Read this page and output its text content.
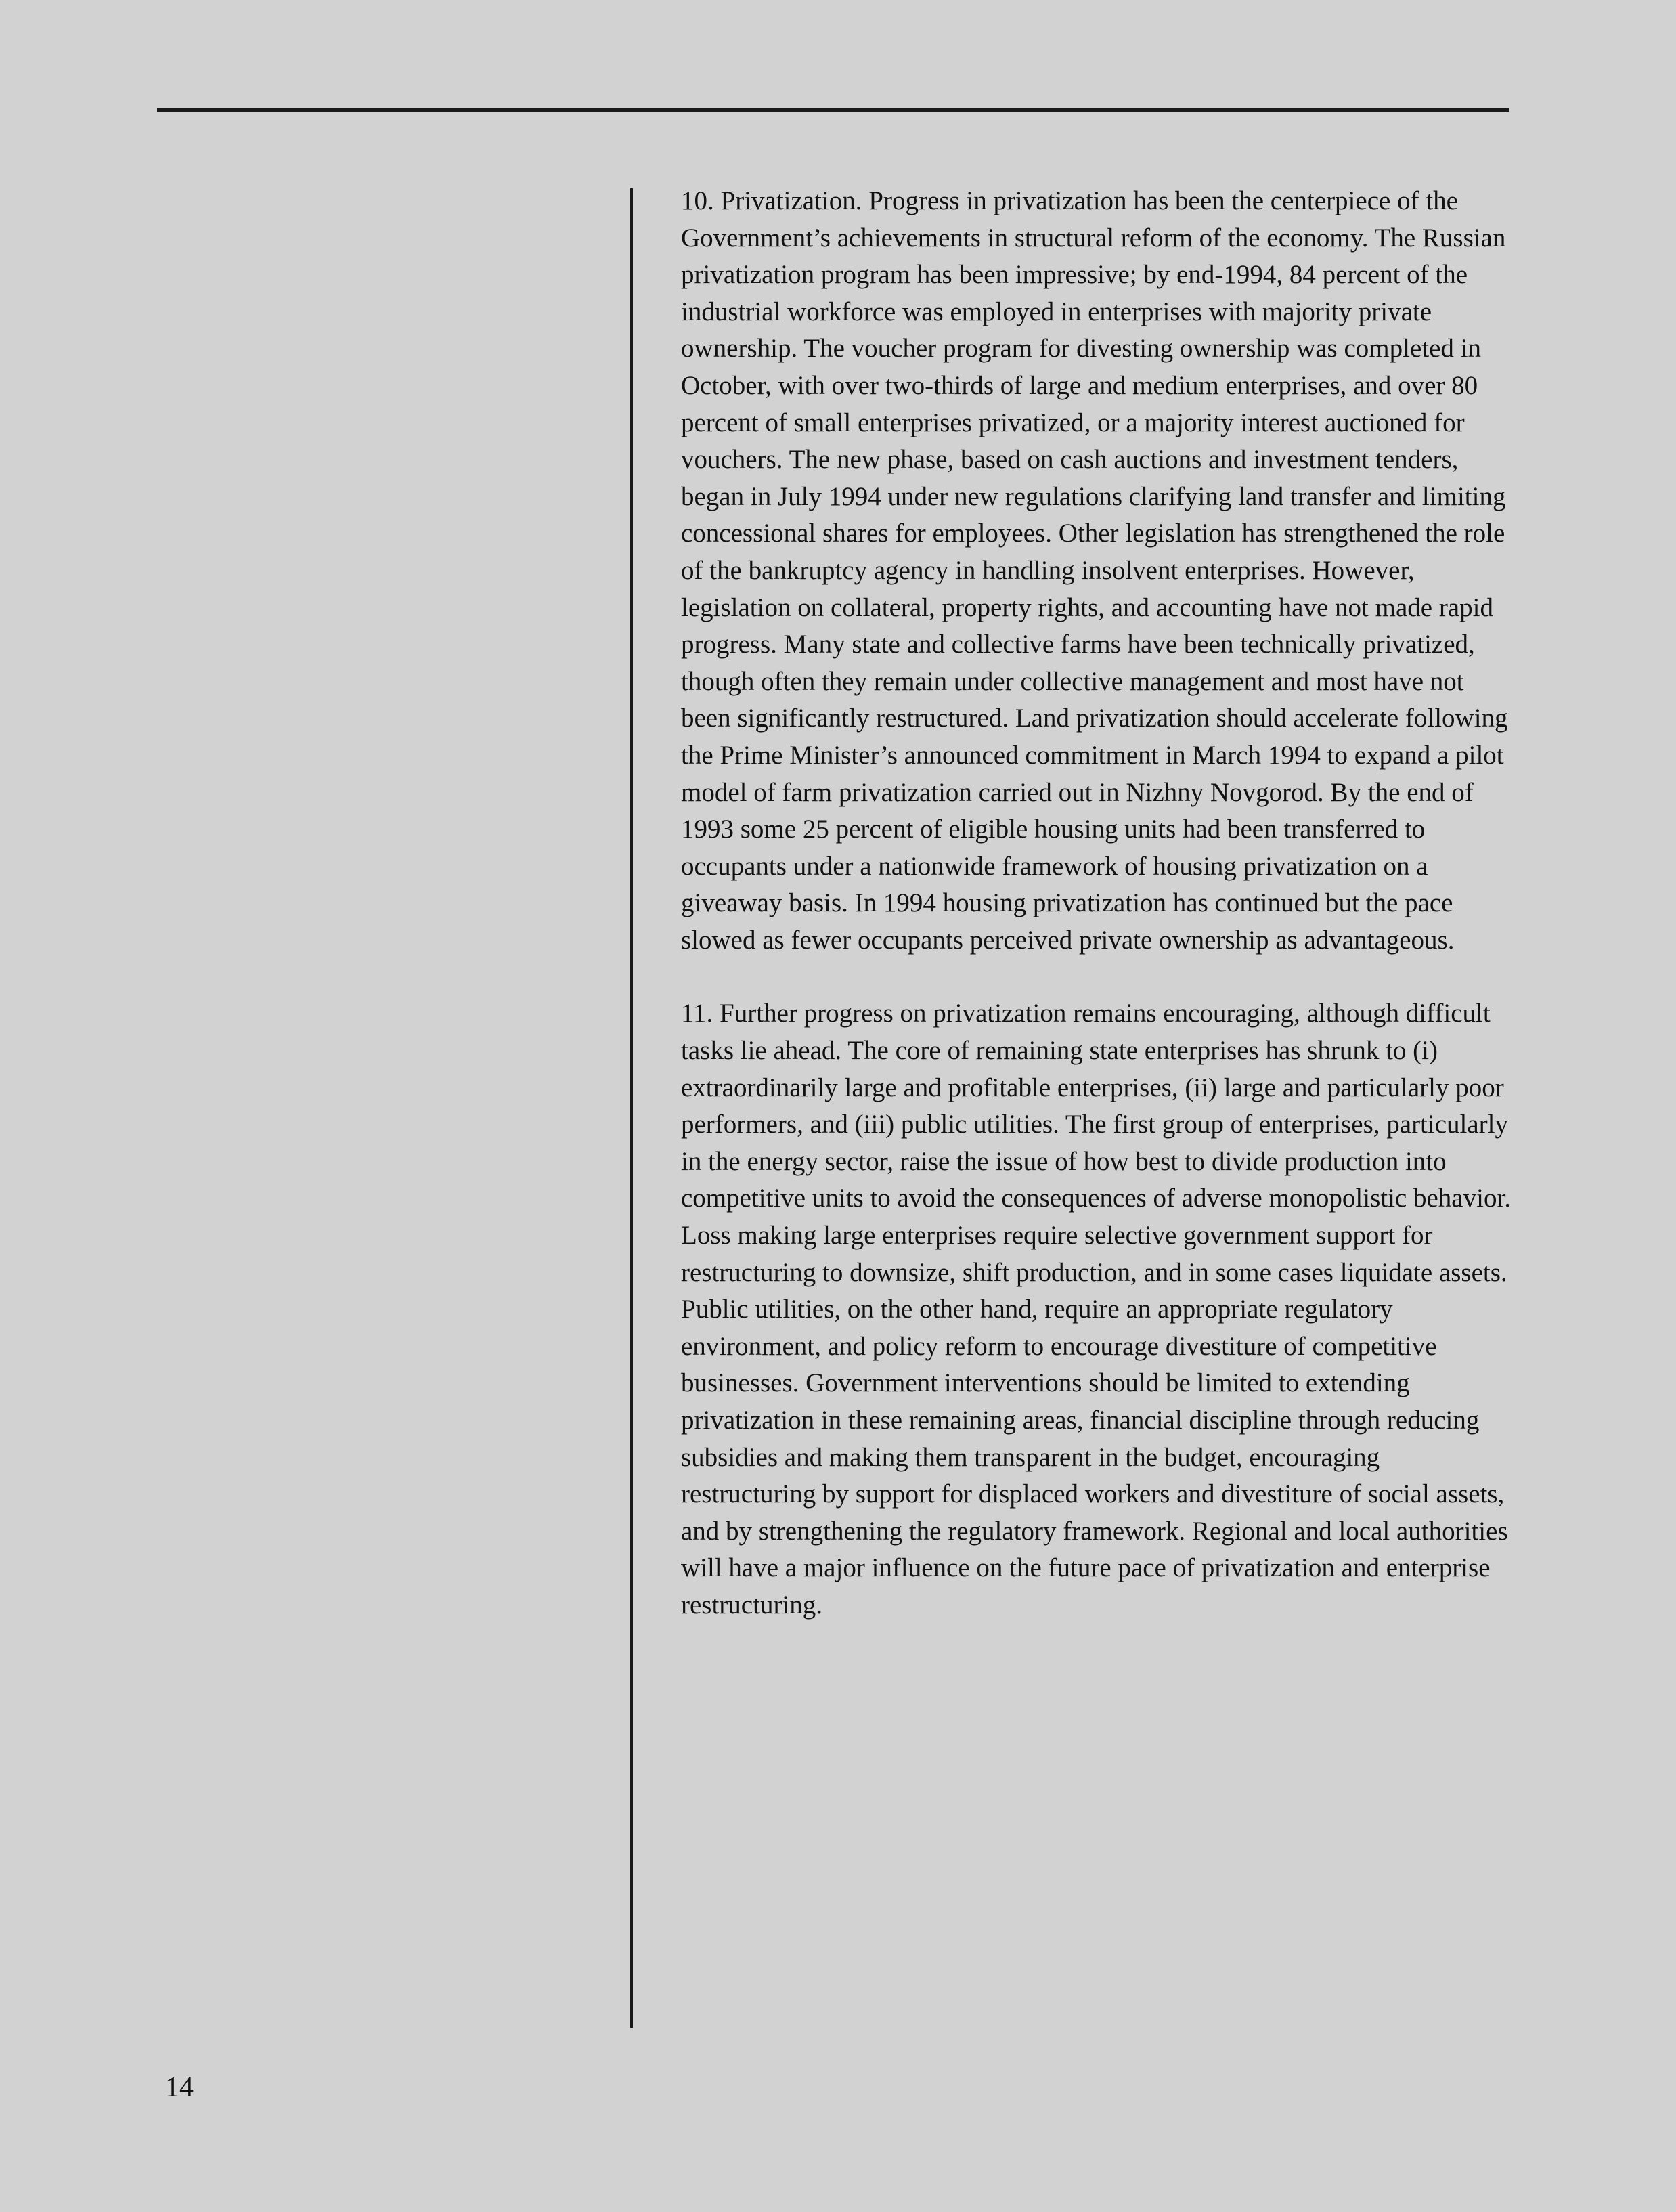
10. Privatization. Progress in privatization has been the centerpiece of the Government’s achievements in structural reform of the economy. The Russian privatization program has been impressive; by end-1994, 84 percent of the industrial workforce was employed in enterprises with majority private ownership. The voucher program for divesting ownership was completed in October, with over two-thirds of large and medium enterprises, and over 80 percent of small enterprises privatized, or a majority interest auctioned for vouchers. The new phase, based on cash auctions and investment tenders, began in July 1994 under new regulations clarifying land transfer and limiting concessional shares for employees. Other legislation has strengthened the role of the bankruptcy agency in handling insolvent enterprises. However, legislation on collateral, property rights, and accounting have not made rapid progress. Many state and collective farms have been technically privatized, though often they remain under collective management and most have not been significantly restructured. Land privatization should accelerate following the Prime Minister’s announced commitment in March 1994 to expand a pilot model of farm privatization carried out in Nizhny Novgorod. By the end of 1993 some 25 percent of eligible housing units had been transferred to occupants under a nationwide framework of housing privatization on a giveaway basis. In 1994 housing privatization has continued but the pace slowed as fewer occupants perceived private ownership as advantageous.

11. Further progress on privatization remains encouraging, although difficult tasks lie ahead. The core of remaining state enterprises has shrunk to (i) extraordinarily large and profitable enterprises, (ii) large and particularly poor performers, and (iii) public utilities. The first group of enterprises, particularly in the energy sector, raise the issue of how best to divide production into competitive units to avoid the consequences of adverse monopolistic behavior. Loss making large enterprises require selective government support for restructuring to downsize, shift production, and in some cases liquidate assets. Public utilities, on the other hand, require an appropriate regulatory environment, and policy reform to encourage divestiture of competitive businesses. Government interventions should be limited to extending privatization in these remaining areas, financial discipline through reducing subsidies and making them transparent in the budget, encouraging restructuring by support for displaced workers and divestiture of social assets, and by strengthening the regulatory framework. Regional and local authorities will have a major influence on the future pace of privatization and enterprise restructuring.

14
